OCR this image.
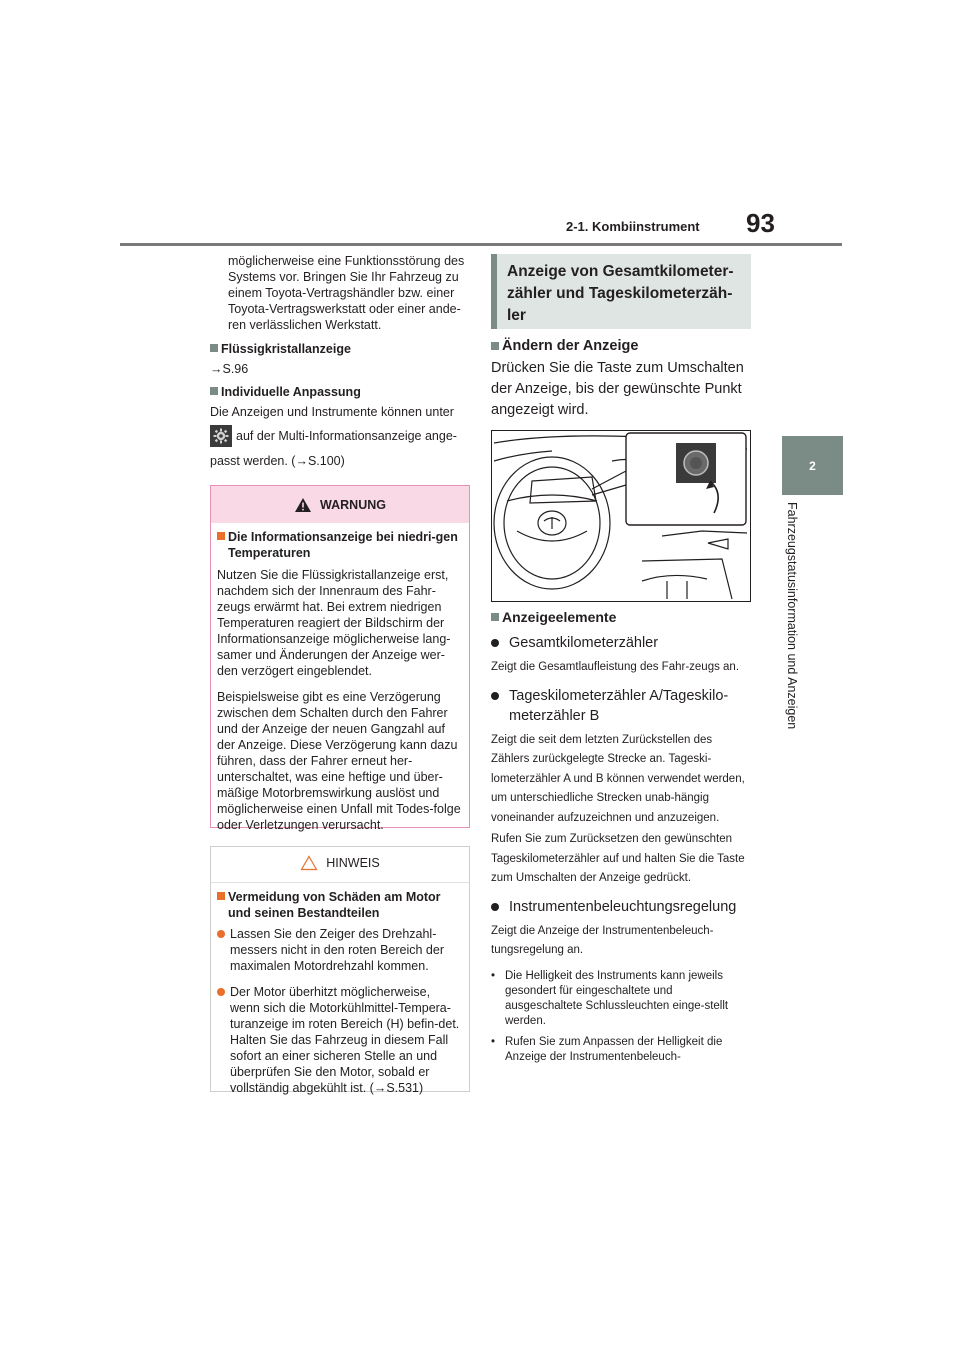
2-1. Kombiinstrument 93
2
Fahrzeugstatusinformation und Anzeigen

möglicherweise eine Funktionsstörung des Systems vor. Bringen Sie Ihr Fahrzeug zu einem Toyota-Vertragshändler bzw. einer Toyota-Vertragswerkstatt oder einer ande-ren verlässlichen Werkstatt.

Flüssigkristallanzeige
→S.96
Individuelle Anpassung
Die Anzeigen und Instrumente können unter
auf der Multi-Informationsanzeige ange-
passt werden. (→S.100)
WARNUNG
Die Informationsanzeige bei niedri-gen Temperaturen

Nutzen Sie die Flüssigkristallanzeige erst, nachdem sich der Innenraum des Fahr-zeugs erwärmt hat. Bei extrem niedrigen Temperaturen reagiert der Bildschirm der Informationsanzeige möglicherweise lang-samer und Änderungen der Anzeige wer-den verzögert eingeblendet.

Beispielsweise gibt es eine Verzögerung zwischen dem Schalten durch den Fahrer und der Anzeige der neuen Gangzahl auf der Anzeige. Diese Verzögerung kann dazu führen, dass der Fahrer erneut her-unterschaltet, was eine heftige und über-mäßige Motorbremswirkung auslöst und möglicherweise einen Unfall mit Todes-folge oder Verletzungen verursacht.

HINWEIS
Vermeidung von Schäden am Motor und seinen Bestandteilen
Lassen Sie den Zeiger des Drehzahl-messers nicht in den roten Bereich der maximalen Motordrehzahl kommen.
Der Motor überhitzt möglicherweise, wenn sich die Motorkühlmittel-Tempera-turanzeige im roten Bereich (H) befin-det. Halten Sie das Fahrzeug in diesem Fall sofort an einer sicheren Stelle an und überprüfen Sie den Motor, sobald er vollständig abgekühlt ist. (→S.531)
Anzeige von Gesamtkilometer-
zähler und Tageskilometerzäh-
ler
Ändern der Anzeige

Drücken Sie die Taste zum Umschalten der Anzeige, bis der gewünschte Punkt angezeigt wird.

Anzeigeelemente
Gesamtkilometerzähler

Zeigt die Gesamtlaufleistung des Fahr-zeugs an.

Tageskilometerzähler A/Tageskilo-meterzähler B

Zeigt die seit dem letzten Zurückstellen des Zählers zurückgelegte Strecke an. Tageski-lometerzähler A und B können verwendet werden, um unterschiedliche Strecken unab-hängig voneinander aufzuzeichnen und anzuzeigen.

Rufen Sie zum Zurücksetzen den gewünschten Tageskilometerzähler auf und halten Sie die Taste zum Umschalten der Anzeige gedrückt.

Instrumentenbeleuchtungsregelung

Zeigt die Anzeige der Instrumentenbeleuch-tungsregelung an.

• Die Helligkeit des Instruments kann jeweils gesondert für eingeschaltete und ausgeschaltete Schlussleuchten einge-stellt werden.
• Rufen Sie zum Anpassen der Helligkeit die Anzeige der Instrumentenbeleuch-
